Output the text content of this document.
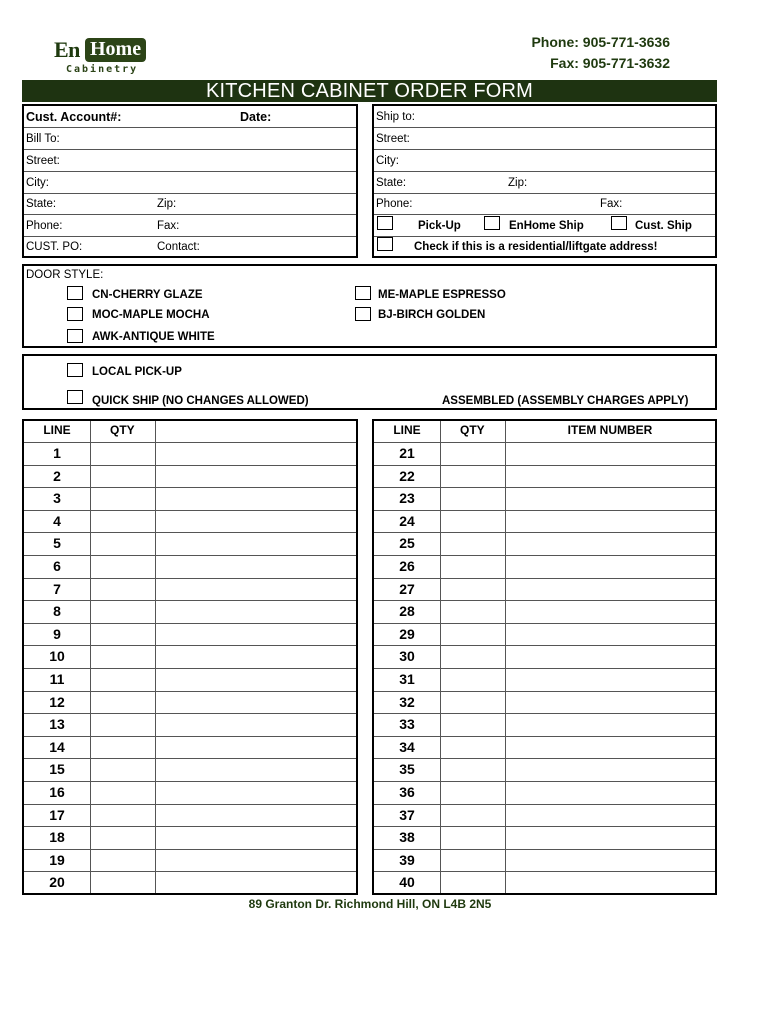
En Home
Cabinetry
Phone: 905-771-3636
Fax: 905-771-3632
KITCHEN CABINET ORDER FORM
Cust. Account#:	Date:
Bill To:
Street:
City:
State:	Zip:
Phone:	Fax:
CUST. PO:	Contact:
Ship to:
Street:
City:
State:	Zip:
Phone:	Fax:
Pick-Up	EnHome Ship	Cust. Ship
Check if this is a residential/liftgate address!
DOOR STYLE:
CN-CHERRY GLAZE
MOC-MAPLE MOCHA
AWK-ANTIQUE WHITE
ME-MAPLE ESPRESSO
BJ-BIRCH GOLDEN
LOCAL PICK-UP
QUICK SHIP (NO CHANGES ALLOWED)	ASSEMBLED (ASSEMBLY CHARGES APPLY)
LINE	QTY
1
2
3
4
5
6
7
8
9
10
11
12
13
14
15
16
17
18
19
20
LINE	QTY	ITEM NUMBER
21
22
23
24
25
26
27
28
29
30
31
32
33
34
35
36
37
38
39
40
89 Granton Dr. Richmond Hill, ON L4B 2N5
